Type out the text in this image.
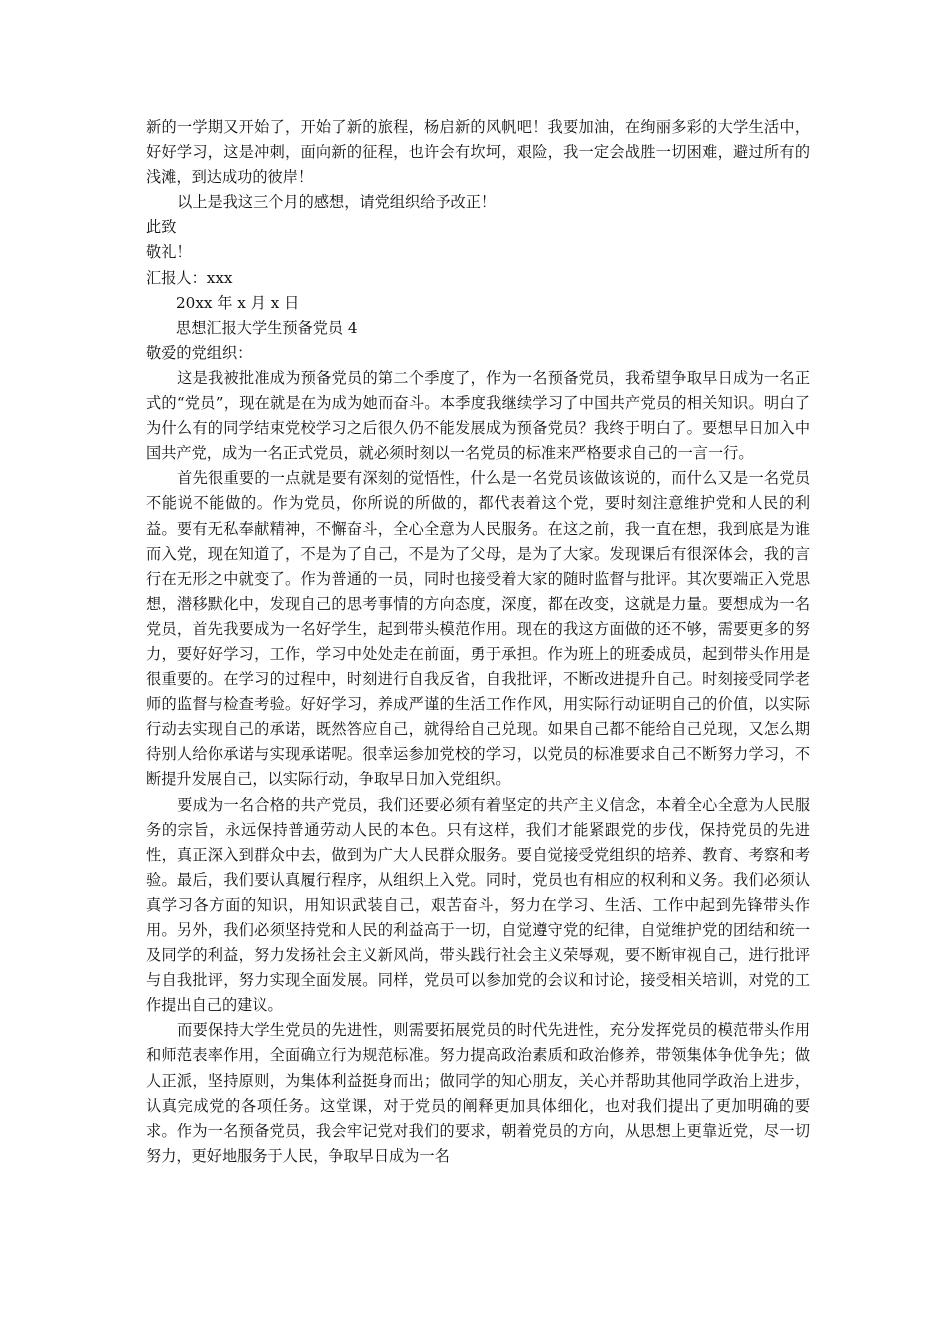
新的一学期又开始了，开始了新的旅程，杨启新的风帆吧！我要加油，在绚丽多彩的大学生活中，好好学习，这是冲刺，面向新的征程，也许会有坎坷，艰险，我一定会战胜一切困难，避过所有的浅滩，到达成功的彼岸！

以上是我这三个月的感想，请党组织给予改正！

此致

敬礼！

汇报人：xxx

20xx 年 x 月 x 日

思想汇报大学生预备党员 4

敬爱的党组织：

这是我被批准成为预备党员的第二个季度了，作为一名预备党员，我希望争取早日成为一名正式的“党员”，现在就是在为成为她而奋斗。本季度我继续学习了中国共产党员的相关知识。明白了为什么有的同学结束党校学习之后很久仍不能发展成为预备党员？我终于明白了。要想早日加入中国共产党，成为一名正式党员，就必须时刻以一名党员的标准来严格要求自己的一言一行。

首先很重要的一点就是要有深刻的觉悟性，什么是一名党员该做该说的，而什么又是一名党员不能说不能做的。作为党员，你所说的所做的，都代表着这个党，要时刻注意维护党和人民的利益。要有无私奉献精神，不懈奋斗，全心全意为人民服务。在这之前，我一直在想，我到底是为谁而入党，现在知道了，不是为了自己，不是为了父母，是为了大家。发现课后有很深体会，我的言行在无形之中就变了。作为普通的一员，同时也接受着大家的随时监督与批评。其次要端正入党思想，潜移默化中，发现自己的思考事情的方向态度，深度，都在改变，这就是力量。要想成为一名党员，首先我要成为一名好学生，起到带头模范作用。现在的我这方面做的还不够，需要更多的努力，要好好学习，工作，学习中处处走在前面，勇于承担。作为班上的班委成员，起到带头作用是很重要的。在学习的过程中，时刻进行自我反省，自我批评，不断改进提升自己。时刻接受同学老师的监督与检查考验。好好学习，养成严谨的生活工作作风，用实际行动证明自己的价值，以实际行动去实现自己的承诺，既然答应自己，就得给自己兑现。如果自己都不能给自己兑现，又怎么期待别人给你承诺与实现承诺呢。很幸运参加党校的学习，以党员的标准要求自己不断努力学习，不断提升发展自己，以实际行动，争取早日加入党组织。

要成为一名合格的共产党员，我们还要必须有着坚定的共产主义信念，本着全心全意为人民服务的宗旨，永远保持普通劳动人民的本色。只有这样，我们才能紧跟党的步伐，保持党员的先进性，真正深入到群众中去，做到为广大人民群众服务。要自觉接受党组织的培养、教育、考察和考验。最后，我们要认真履行程序，从组织上入党。同时，党员也有相应的权利和义务。我们必须认真学习各方面的知识，用知识武装自己，艰苦奋斗，努力在学习、生活、工作中起到先锋带头作用。另外，我们必须坚持党和人民的利益高于一切，自觉遵守党的纪律，自觉维护党的团结和统一及同学的利益，努力发扬社会主义新风尚，带头践行社会主义荣辱观，要不断审视自己，进行批评与自我批评，努力实现全面发展。同样，党员可以参加党的会议和讨论，接受相关培训，对党的工作提出自己的建议。

而要保持大学生党员的先进性，则需要拓展党员的时代先进性，充分发挥党员的模范带头作用和师范表率作用，全面确立行为规范标准。努力提高政治素质和政治修养，带领集体争优争先；做人正派，坚持原则，为集体利益挺身而出；做同学的知心朋友，关心并帮助其他同学政治上进步，认真完成党的各项任务。这堂课，对于党员的阐释更加具体细化，也对我们提出了更加明确的要求。作为一名预备党员，我会牢记党对我们的要求，朝着党员的方向，从思想上更靠近党，尽一切努力，更好地服务于人民，争取早日成为一名
